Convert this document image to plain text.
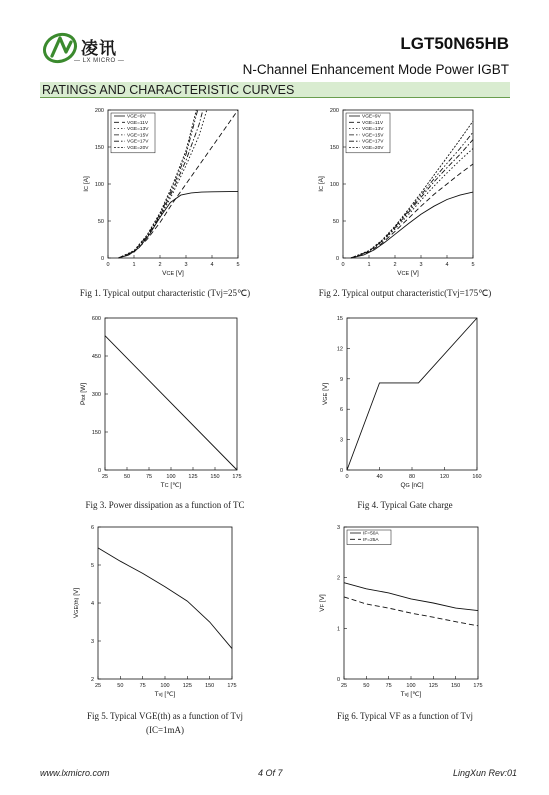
凌讯
— LX MICRO —
LGT50N65HB
N-Channel Enhancement Mode Power IGBT
RATINGS AND CHARACTERISTIC CURVES
0	1	2	3	4	5
0
50
100
150
200
VCE [V]
IC [A]
VGE=9V
VGE=11V
VGE=13V
VGE=15V
VGE=17V
VGE=20V
0	1	2	3	4	5
0
50
100
150
200
VCE [V]
IC [A]
VGE=9V
VGE=11V
VGE=13V
VGE=15V
VGE=17V
VGE=20V
25	50	75	100 125 150 175
0
150
300
450
600
TC [℃]
Ptot [W]
0	40	80	120	160
0
3
6
9
12
15
QG [nC]
VGE [V]
25	50	75	100 125 150 175
2
3
4
5
6
Tvj [℃]
VGE(th) [V]
25	50	75	100 125 150 175
0
1
2
3
Tvj [℃]
VF [V]
IF=50A
IF=25A
Fig 1. Typical output characteristic (Tvj=25℃)	Fig 2. Typical output characteristic(Tvj=175℃)
Fig 3. Power dissipation as a function of TC	Fig 4. Typical Gate charge
Fig 5. Typical VGE(th) as a function of Tvj
(IC=1mA)
Fig 6. Typical VF as a function of Tvj
www.lxmicro.com	4 Of 7	LingXun Rev:01
